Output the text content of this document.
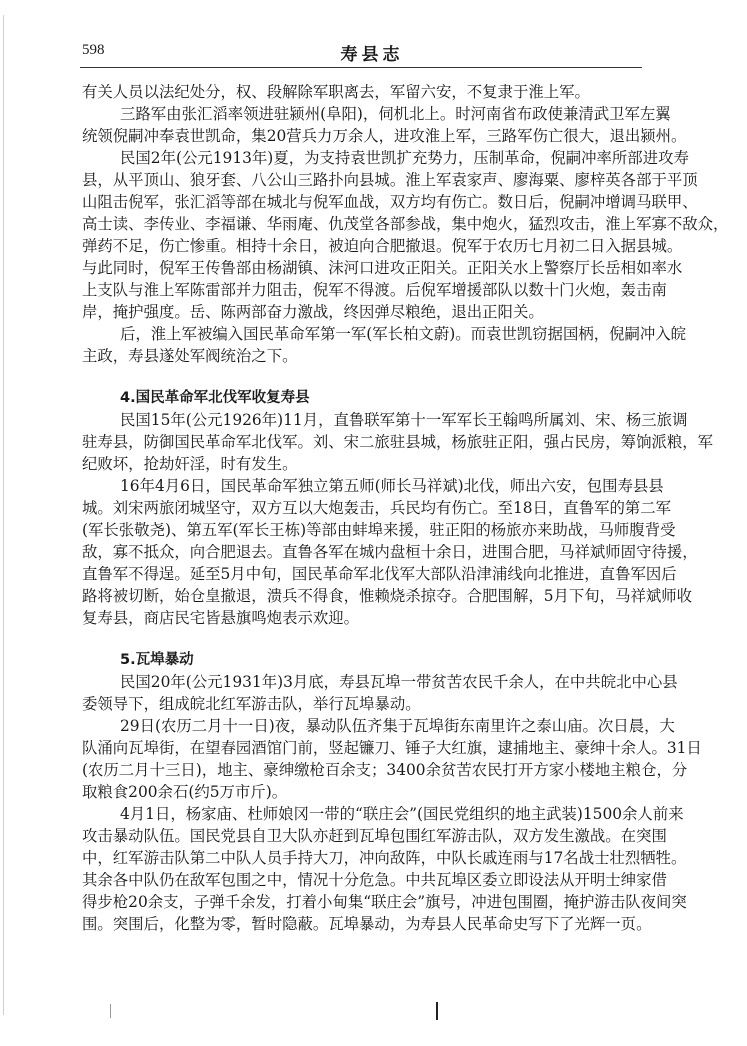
598	寿县志
有关人员以法纪处分，权、段解除军职离去，军留六安，不复隶于淮上军。
三路军由张汇滔率领进驻颍州(阜阳)，伺机北上。时河南省布政使兼清武卫军左翼
统领倪嗣冲奉袁世凯命，集20营兵力万余人，进攻淮上军，三路军伤亡很大，退出颍州。
民国2年(公元1913年)夏，为支持袁世凯扩充势力，压制革命，倪嗣冲率所部进攻寿
县，从平顶山、狼牙套、八公山三路扑向县城。淮上军袁家声、廖海粟、廖梓英各部于平顶
山阻击倪军，张汇滔等部在城北与倪军血战，双方均有伤亡。数日后，倪嗣冲增调马联甲、
高士读、李传业、李福谦、华雨庵、仇茂堂各部参战，集中炮火，猛烈攻击，淮上军寡不敌众，
弹药不足，伤亡惨重。相持十余日，被迫向合肥撤退。倪军于农历七月初二日入据县城。
与此同时，倪军王传鲁部由杨湖镇、沫河口进攻正阳关。正阳关水上警察厅长岳相如率水
上支队与淮上军陈雷部并力阻击，倪军不得渡。后倪军增援部队以数十门火炮，轰击南
岸，掩护强度。岳、陈两部奋力激战，终因弹尽粮绝，退出正阳关。
后，淮上军被编入国民革命军第一军(军长柏文蔚)。而袁世凯窃据国柄，倪嗣冲入皖
主政，寿县遂处军阀统治之下。
4.国民革命军北伐军收复寿县
民国15年(公元1926年)11月，直鲁联军第十一军军长王翰鸣所属刘、宋、杨三旅调
驻寿县，防御国民革命军北伐军。刘、宋二旅驻县城，杨旅驻正阳，强占民房，筹饷派粮，军
纪败坏，抢劫奸淫，时有发生。
16年4月6日，国民革命军独立第五师(师长马祥斌)北伐，师出六安，包围寿县县
城。刘宋两旅闭城坚守，双方互以大炮轰击，兵民均有伤亡。至18日，直鲁军的第二军
(军长张敬尧)、第五军(军长王栋)等部由蚌埠来援，驻正阳的杨旅亦来助战，马师腹背受
敌，寡不抵众，向合肥退去。直鲁各军在城内盘桓十余日，进围合肥，马祥斌师固守待援，
直鲁军不得逞。延至5月中旬，国民革命军北伐军大部队沿津浦线向北推进，直鲁军因后
路将被切断，始仓皇撤退，溃兵不得食，惟赖烧杀掠夺。合肥围解，5月下旬，马祥斌师收
复寿县，商店民宅皆悬旗鸣炮表示欢迎。
5.瓦埠暴动
民国20年(公元1931年)3月底，寿县瓦埠一带贫苦农民千余人，在中共皖北中心县
委领导下，组成皖北红军游击队，举行瓦埠暴动。
29日(农历二月十一日)夜，暴动队伍齐集于瓦埠街东南里许之泰山庙。次日晨，大
队涌向瓦埠街，在望春园酒馆门前，竖起镰刀、锤子大红旗，逮捕地主、豪绅十余人。31日
(农历二月十三日)，地主、豪绅缴枪百余支；3400余贫苦农民打开方家小楼地主粮仓，分
取粮食200余石(约5万市斤)。
4月1日，杨家庙、杜师娘冈一带的“联庄会”(国民党组织的地主武装)1500余人前来
攻击暴动队伍。国民党县自卫大队亦赶到瓦埠包围红军游击队，双方发生激战。在突围
中，红军游击队第二中队人员手持大刀，冲向敌阵，中队长戚连雨与17名战士壮烈牺牲。
其余各中队仍在敌军包围之中，情况十分危急。中共瓦埠区委立即设法从开明士绅家借
得步枪20余支，子弹千余发，打着小甸集“联庄会”旗号，冲进包围圈，掩护游击队夜间突
围。突围后，化整为零，暂时隐蔽。瓦埠暴动，为寿县人民革命史写下了光辉一页。
